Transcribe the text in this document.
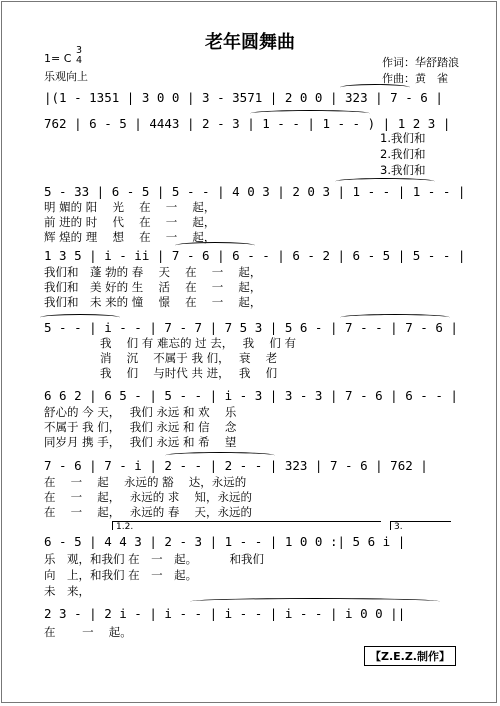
老年圆舞曲
1= C
3
4
乐观向上
作词：华舒踏浪
作曲：黄　雀
|(1 - 1351 | 3 0 0 | 3 - 3571 | 2 0 0 | 323 | 7 - 6 |
762 | 6 - 5 | 4443 | 2 - 3 | 1 - - | 1 - - ) | 1 2 3 |
1.我们和
2.我们和
3.我们和
5 - 33 | 6 - 5 | 5 - - | 4 0 3 | 2 0 3 | 1 - - | 1 - - |
明 媚的 阳　 光　 在　 一　 起，
前 进的 时　 代　 在　 一　 起，
辉 煌的 理　 想　 在　 一　 起，
1 3 5 | i - ii | 7 - 6 | 6 - - | 6 - 2 | 6 - 5 | 5 - - |
我们和　蓬 勃的 春　 天　 在　 一　 起，
我们和　美 好的 生　 活　 在　 一　 起，
我们和　未 来的 憧　 憬　 在　 一　 起，
5 - - | i - - | 7 - 7 | 7 5 3 | 5 6 - | 7 - - | 7 - 6 |
我　 们 有 难忘的 过 去，　 我　 们 有
消　 沉　 不属于 我 们，　 衰　 老
我　 们　 与时代 共 进，　 我　 们
6 6 2 | 6 5 - | 5 - - | i - 3 | 3 - 3 | 7 - 6 | 6 - - |
舒心的 今 天，　 我们 永远 和 欢　 乐
不属于 我 们，　 我们 永远 和 信　 念
同岁月 携 手，　 我们 永远 和 希　 望
7 - 6 | 7 - i | 2 - - | 2 - - | 323 | 7 - 6 | 762 |
在　 一　 起　 永远的 豁　 达，永远的
在　 一　 起，　 永远的 求　 知，永远的
在　 一　 起，　 永远的 春　 天，永远的
1.2.	3.
6 - 5 | 4 4 3 | 2 - 3 | 1 - - | 1 0 0 :| 5 6 i |
乐　观，和我们 在　一　起。　　　 和我们
向　上，和我们 在　一　起。
未　来，
2 3 - | 2 i - | i - - | i - - | i - - | i 0 0 ||
在　　 一　 起。
【Z.E.Z.制作】
